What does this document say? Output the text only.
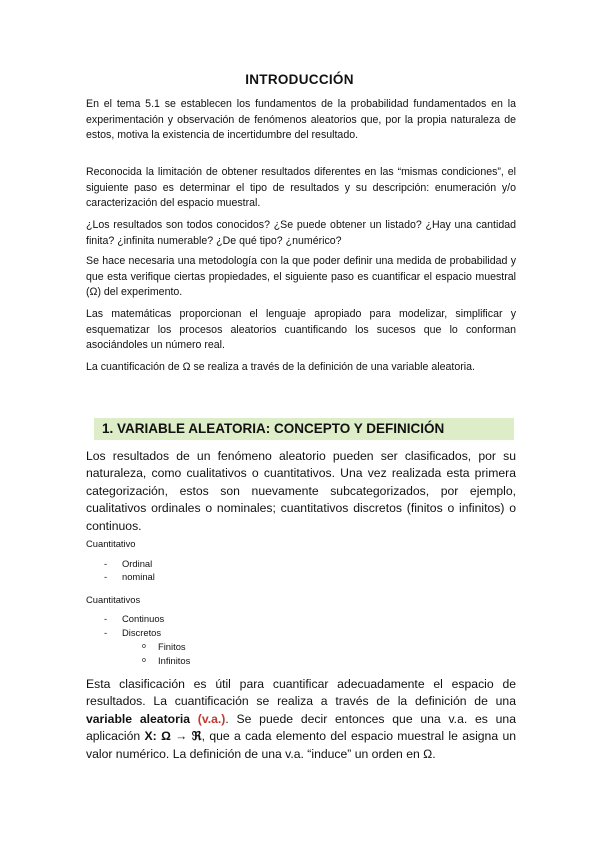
INTRODUCCIÓN

En el tema 5.1 se establecen los fundamentos de la probabilidad fundamentados en la experimentación y observación de fenómenos aleatorios que, por la propia naturaleza de estos, motiva la existencia de incertidumbre del resultado.

Reconocida la limitación de obtener resultados diferentes en las “mismas condiciones”, el siguiente paso es determinar el tipo de resultados y su descripción: enumeración y/o caracterización del espacio muestral.

¿Los resultados son todos conocidos? ¿Se puede obtener un listado? ¿Hay una cantidad finita? ¿infinita numerable? ¿De qué tipo? ¿numérico?

Se hace necesaria una metodología con la que poder definir una medida de probabilidad y que esta verifique ciertas propiedades, el siguiente paso es cuantificar el espacio muestral (Ω) del experimento.

Las matemáticas proporcionan el lenguaje apropiado para modelizar, simplificar y esquematizar los procesos aleatorios cuantificando los sucesos que lo conforman asociándoles un número real.

La cuantificación de Ω se realiza a través de la definición de una variable aleatoria.

1. VARIABLE ALEATORIA: CONCEPTO Y DEFINICIÓN

Los resultados de un fenómeno aleatorio pueden ser clasificados, por su naturaleza, como cualitativos o cuantitativos. Una vez realizada esta primera categorización, estos son nuevamente subcategorizados, por ejemplo, cualitativos ordinales o nominales; cuantitativos discretos (finitos o infinitos) o continuos.

Cuantitativo
- Ordinal
- nominal
Cuantitativos
- Continuos
- Discretos
o Finitos
o Infinitos

Esta clasificación es útil para cuantificar adecuadamente el espacio de resultados. La cuantificación se realiza a través de la definición de una variable aleatoria (v.a.). Se puede decir entonces que una v.a. es una aplicación X: Ω → ℜ, que a cada elemento del espacio muestral le asigna un valor numérico. La definición de una v.a. “induce” un orden en Ω.
